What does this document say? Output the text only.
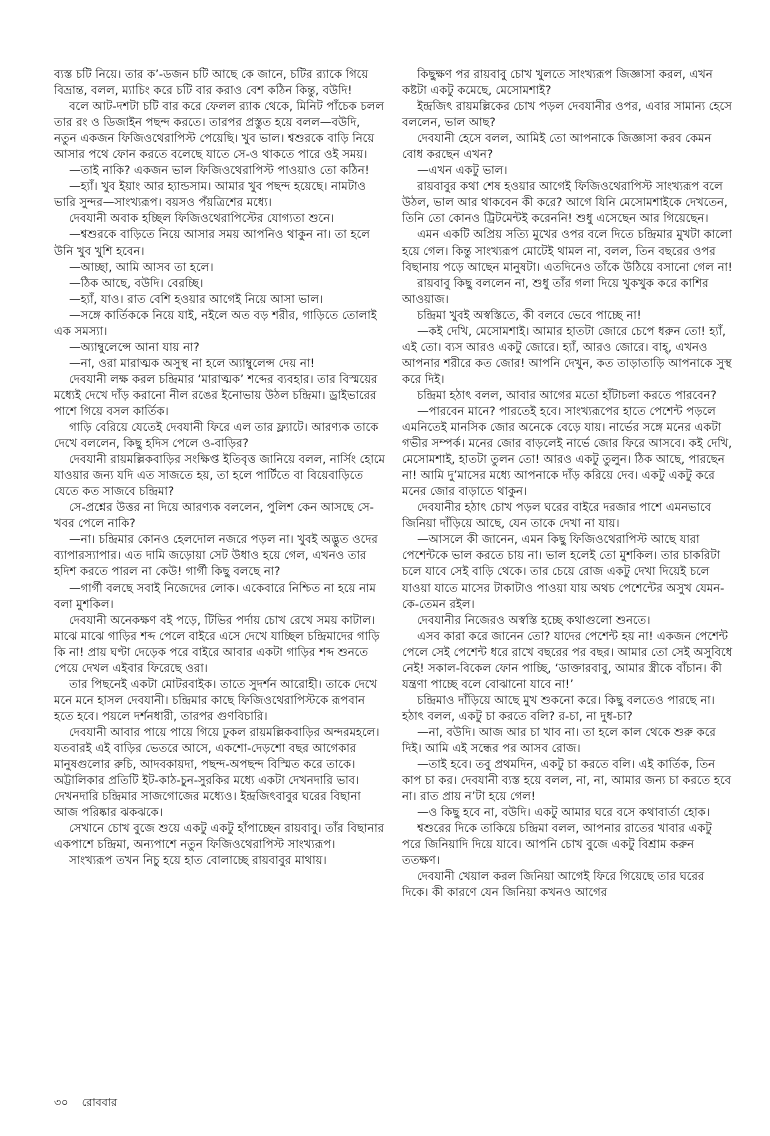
ব্যস্ত চটি নিয়ে। তার ক’-ডজন চটি আছে কে জানে, চটির র‍্যাকে গিয়ে বিভ্রান্ত, বলল, ম্যাচিং করে চটি বার করাও বেশ কঠিন কিন্তু, বউদি!

বলে আট-দশটা চটি বার করে ফেলল র‍্যাক থেকে, মিনিট পাঁচেক চলল তার রং ও ডিজাইন পছন্দ করতে। তারপর প্রস্তুত হয়ে বলল—বউদি, নতুন একজন ফিজিওথেরাপিস্ট পেয়েছি। খুব ভাল। শ্বশুরকে বাড়ি নিয়ে আসার পথে ফোন করতে বলেছে যাতে সে-ও থাকতে পারে ওই সময়।

—তাই নাকি? একজন ভাল ফিজিওথেরাপিস্ট পাওয়াও তো কঠিন!

—হ্যাঁ। খুব ইয়াং আর হ্যান্ডসাম। আমার খুব পছন্দ হয়েছে। নামটাও ভারি সুন্দর—সাংখ্যরূপ। বয়সও পঁয়ত্রিশের মধ্যে।

দেবযানী অবাক হচ্ছিল ফিজিওথেরাপিস্টের যোগ্যতা শুনে।

—শ্বশুরকে বাড়িতে নিয়ে আসার সময় আপনিও থাকুন না। তা হলে উনি খুব খুশি হবেন।

—আচ্ছা, আমি আসব তা হলে।

—ঠিক আছে, বউদি। বেরচ্ছি।

—হ্যাঁ, যাও। রাত বেশি হওয়ার আগেই নিয়ে আসা ভাল।

—সঙ্গে কার্তিককে নিয়ে যাই, নইলে অত বড় শরীর, গাড়িতে তোলাই এক সমস্যা।

—অ্যাম্বুলেন্সে আনা যায় না?

—না, ওরা মারাত্মক অসুস্থ না হলে অ্যাম্বুলেন্স দেয় না!

দেবযানী লক্ষ করল চন্দ্রিমার ‘মারাত্মক’ শব্দের ব্যবহার। তার বিস্ময়ের মধ্যেই দেখে দাঁড় করানো নীল রঙের ইনোভায় উঠল চন্দ্রিমা। ড্রাইভারের পাশে গিয়ে বসল কার্তিক।

গাড়ি বেরিয়ে যেতেই দেবযানী ফিরে এল তার ফ্ল্যাটে। আরণ্যক তাকে দেখে বললেন, কিছু হদিস পেলে ও-বাড়ির?

দেবযানী রায়মল্লিকবাড়ির সংক্ষিপ্ত ইতিবৃত্ত জানিয়ে বলল, নার্সিং হোমে যাওয়ার জন্য যদি এত সাজতে হয়, তা হলে পার্টিতে বা বিয়েবাড়িতে যেতে কত সাজবে চন্দ্রিমা?

সে-প্রশ্নের উত্তর না দিয়ে আরণ্যক বললেন, পুলিশ কেন আসছে সে-খবর পেলে নাকি?

—না। চন্দ্রিমার কোনও হেলদোল নজরে পড়ল না। খুবই অদ্ভুত ওদের ব্যাপারস্যাপার। এত দামি জড়োয়া সেট উধাও হয়ে গেল, এখনও তার হদিশ করতে পারল না কেউ! গার্গী কিছু বলছে না?

—গার্গী বলছে সবাই নিজেদের লোক। একেবারে নিশ্চিত না হয়ে নাম বলা মুশকিল।

দেবযানী অনেকক্ষণ বই পড়ে, টিভির পর্দায় চোখ রেখে সময় কাটাল। মাঝে মাঝে গাড়ির শব্দ পেলে বাইরে এসে দেখে যাচ্ছিল চন্দ্রিমাদের গাড়ি কি না! প্রায় ঘণ্টা দেড়েক পরে বাইরে আবার একটা গাড়ির শব্দ শুনতে পেয়ে দেখল এইবার ফিরেছে ওরা।

তার পিছনেই একটা মোটরবাইক। তাতে সুদর্শন আরোহী। তাকে দেখে মনে মনে হাসল দেবযানী। চন্দ্রিমার কাছে ফিজিওথেরাপিস্টকে রূপবান হতে হবে। পয়লে দর্শনধারী, তারপর গুণবিচারি।

দেবযানী আবার পায়ে পায়ে গিয়ে ঢুকল রায়মল্লিকবাড়ির অন্দরমহলে। যতবারই এই বাড়ির ভেতরে আসে, একশো-দেড়শো বছর আগেকার মানুষগুলোর রুচি, আদবকায়দা, পছন্দ-অপছন্দ বিস্মিত করে তাকে। অট্টালিকার প্রতিটি ইট-কাঠ-চুন-সুরকির মধ্যে একটা দেখনদারি ভাব। দেখনদারি চন্দ্রিমার সাজগোজের মধ্যেও। ইন্দ্রজিৎবাবুর ঘরের বিছানা আজ পরিষ্কার ঝকঝকে।

সেখানে চোখ বুজে শুয়ে একটু একটু হাঁপাচ্ছেন রায়বাবু। তাঁর বিছানার একপাশে চন্দ্রিমা, অন্যপাশে নতুন ফিজিওথেরাপিস্ট সাংখ্যরূপ।

সাংখ্যরূপ তখন নিচু হয়ে হাত বোলাচ্ছে রায়বাবুর মাথায়।

কিছুক্ষণ পর রায়বাবু চোখ খুলতে সাংখ্যরূপ জিজ্ঞাসা করল, এখন কষ্টটা একটু কমেছে, মেসোমশাই?

ইন্দ্রজিৎ রায়মল্লিকের চোখ পড়ল দেবযানীর ওপর, এবার সামান্য হেসে বললেন, ভাল আছ?

দেবযানী হেসে বলল, আমিই তো আপনাকে জিজ্ঞাসা করব কেমন বোধ করছেন এখন?

—এখন একটু ভাল।

রায়বাবুর কথা শেষ হওয়ার আগেই ফিজিওথেরাপিস্ট সাংখ্যরূপ বলে উঠল, ভাল আর থাকবেন কী করে? আগে যিনি মেসোমশাইকে দেখতেন, তিনি তো কোনও ট্রিটমেন্টই করেননি! শুধু এসেছেন আর গিয়েছেন।

এমন একটি অপ্রিয় সত্যি মুখের ওপর বলে দিতে চন্দ্রিমার মুখটা কালো হয়ে গেল। কিন্তু সাংখ্যরূপ মোটেই থামল না, বলল, তিন বছরের ওপর বিছানায় পড়ে আছেন মানুষটা। এতদিনেও তাঁকে উঠিয়ে বসানো গেল না!

রায়বাবু কিছু বললেন না, শুধু তাঁর গলা দিয়ে খুকখুক করে কাশির আওয়াজ।

চন্দ্রিমা খুবই অস্বস্তিতে, কী বলবে ভেবে পাচ্ছে না!

—কই দেখি, মেসোমশাই। আমার হাতটা জোরে চেপে ধরুন তো! হ্যাঁ, এই তো। ব্যস আরও একটু জোরে। হ্যাঁ, আরও জোরে। বাহ্, এখনও আপনার শরীরে কত জোর! আপনি দেখুন, কত তাড়াতাড়ি আপনাকে সুস্থ করে দিই।

চন্দ্রিমা হঠাৎ বলল, আবার আগের মতো হাঁটাচলা করতে পারবেন?

—পারবেন মানে? পারতেই হবে। সাংখ্যরূপের হাতে পেশেন্ট পড়লে এমনিতেই মানসিক জোর অনেকে বেড়ে যায়। নার্ভের সঙ্গে মনের একটা গভীর সম্পর্ক। মনের জোর বাড়লেই নার্ভে জোর ফিরে আসবে। কই দেখি, মেসোমশাই, হাতটা তুলন তো! আরও একটু তুলুন। ঠিক আছে, পারছেন না! আমি দু’মাসের মধ্যে আপনাকে দাঁড় করিয়ে দেব। একটু একটু করে মনের জোর বাড়াতে থাকুন।

দেবযানীর হঠাৎ চোখ পড়ল ঘরের বাইরে দরজার পাশে এমনভাবে জিনিয়া দাঁড়িয়ে আছে, যেন তাকে দেখা না যায়।

—আসলে কী জানেন, এমন কিছু ফিজিওথেরাপিস্ট আছে যারা পেশেন্টকে ভাল করতে চায় না। ভাল হলেই তো মুশকিল। তার চাকরিটা চলে যাবে সেই বাড়ি থেকে। তার চেয়ে রোজ একটু দেখা দিয়েই চলে যাওয়া যাতে মাসের টাকাটাও পাওয়া যায় অথচ পেশেন্টের অসুখ যেমন-কে-তেমন রইল।

দেবযানীর নিজেরও অস্বস্তি হচ্ছে কথাগুলো শুনতে।

এসব কারা করে জানেন তো? যাদের পেশেন্ট হয় না! একজন পেশেন্ট পেলে সেই পেশেন্ট ধরে রাখে বছরের পর বছর। আমার তো সেই অসুবিধে নেই! সকাল-বিকেল ফোন পাচ্ছি, ‘ডাক্তারবাবু, আমার স্ত্রীকে বাঁচান। কী যন্ত্রণা পাচ্ছে বলে বোঝানো যাবে না!’

চন্দ্রিমাও দাঁড়িয়ে আছে মুখ শুকনো করে। কিছু বলতেও পারছে না। হঠাৎ বলল, একটু চা করতে বলি? র-চা, না দুধ-চা?

—না, বউদি। আজ আর চা খাব না। তা হলে কাল থেকে শুরু করে দিই। আমি এই সন্ধের পর আসব রোজ।

—তাই হবে। তবু প্রথমদিন, একটু চা করতে বলি। এই কার্তিক, তিন কাপ চা কর। দেবযানী ব্যস্ত হয়ে বলল, না, না, আমার জন্য চা করতে হবে না। রাত প্রায় ন’টা হয়ে গেল!

—ও কিছু হবে না, বউদি। একটু আমার ঘরে বসে কথাবার্তা হোক।

শ্বশুরের দিকে তাকিয়ে চন্দ্রিমা বলল, আপনার রাতের খাবার একটু পরে জিনিয়াদি দিয়ে যাবে। আপনি চোখ বুজে একটু বিশ্রাম করুন ততক্ষণ।

দেবযানী খেয়াল করল জিনিয়া আগেই ফিরে গিয়েছে তার ঘরের দিকে। কী কারণে যেন জিনিয়া কখনও আগের

৩০ রোববার
